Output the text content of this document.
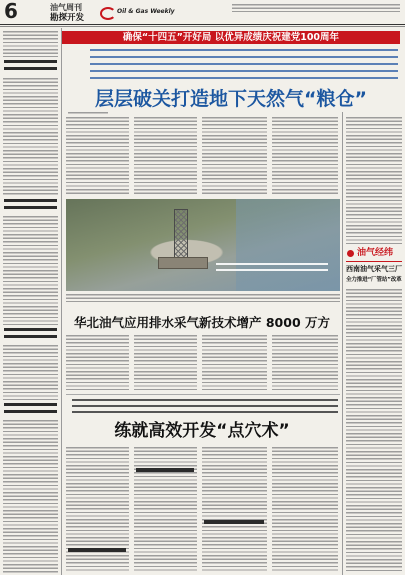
6	油气周刊
勘探开发
Oil & Gas Weekly
确保“十四五”开好局 以优异成绩庆祝建党100周年
层层破关打造地下天然气“粮仓”
华北油气应用排水采气新技术增产 8000 万方
练就高效开发“点穴术”
油气经纬
西南油气采气三厂
全力推进“厂管站”改革
